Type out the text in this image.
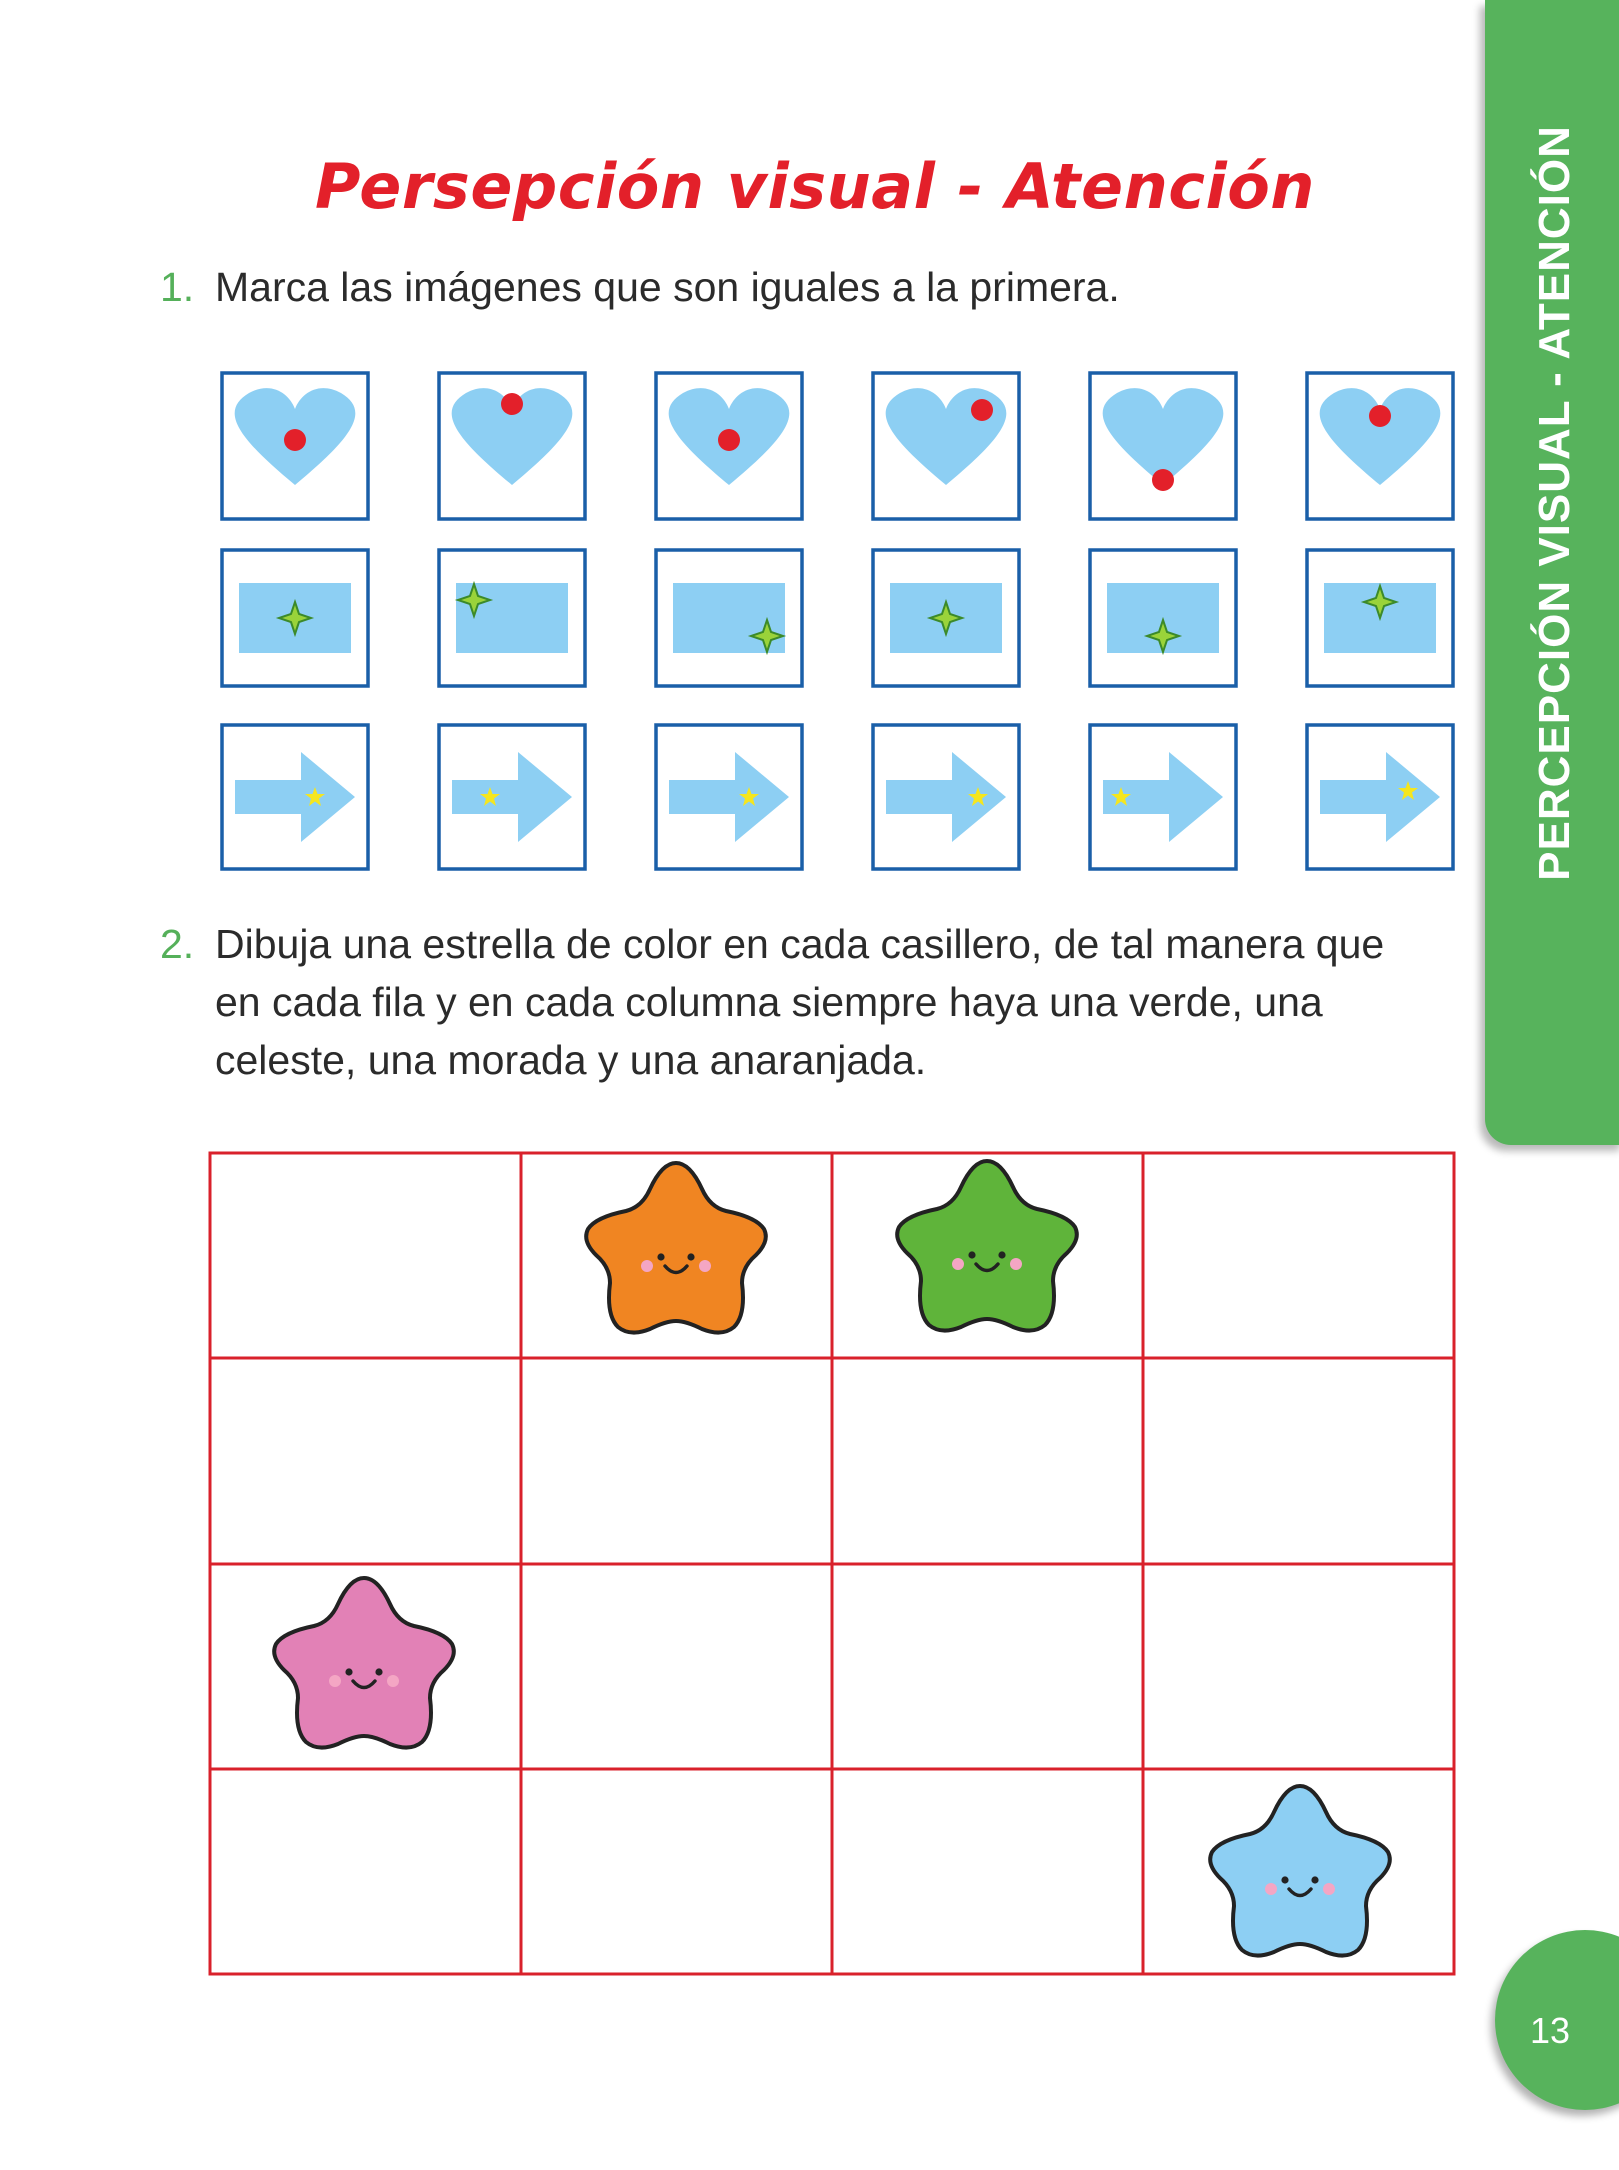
PERCEPCIÓN VISUAL - ATENCIÓN
Persepción visual - Atención
1. Marca las imágenes que son iguales a la primera.
2. Dibuja una estrella de color en cada casillero, de tal manera que en cada fila y en cada columna siempre haya una verde, una celeste, una morada y una anaranjada.
13
